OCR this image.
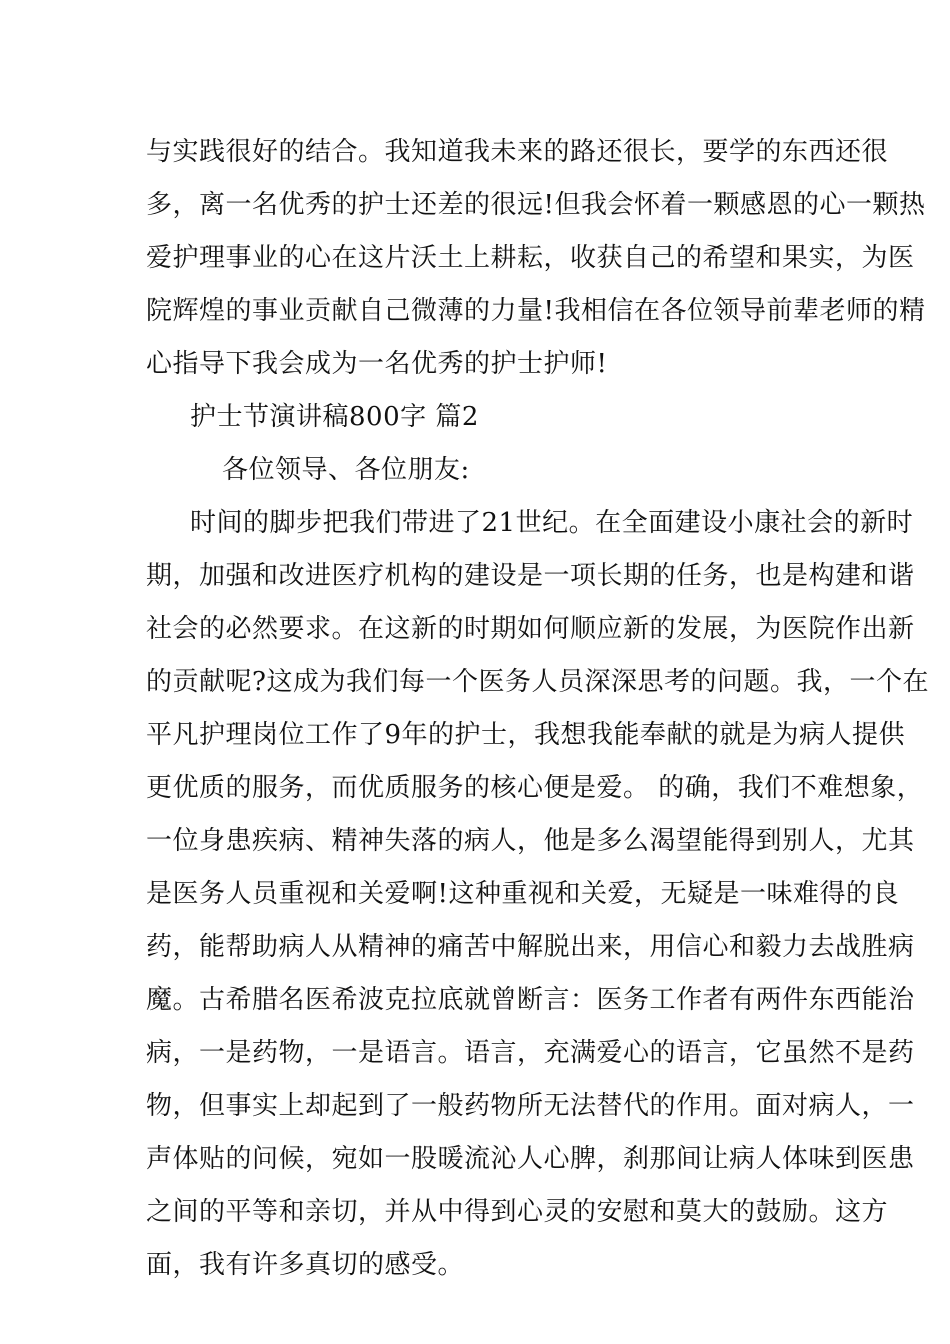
与实践很好的结合。我知道我未来的路还很长，要学的东西还很
多，离一名优秀的护士还差的很远!但我会怀着一颗感恩的心一颗热
爱护理事业的心在这片沃土上耕耘，收获自己的希望和果实，为医
院辉煌的事业贡献自己微薄的力量!我相信在各位领导前辈老师的精
心指导下我会成为一名优秀的护士护师!
护士节演讲稿800字 篇2
各位领导、各位朋友:
时间的脚步把我们带进了21世纪。在全面建设小康社会的新时
期，加强和改进医疗机构的建设是一项长期的任务，也是构建和谐
社会的必然要求。在这新的时期如何顺应新的发展，为医院作出新
的贡献呢?这成为我们每一个医务人员深深思考的问题。我，一个在
平凡护理岗位工作了9年的护士，我想我能奉献的就是为病人提供
更优质的服务，而优质服务的核心便是爱。 的确，我们不难想象，
一位身患疾病、精神失落的病人，他是多么渴望能得到别人，尤其
是医务人员重视和关爱啊!这种重视和关爱，无疑是一味难得的良
药，能帮助病人从精神的痛苦中解脱出来，用信心和毅力去战胜病
魔。古希腊名医希波克拉底就曾断言：医务工作者有两件东西能治
病，一是药物，一是语言。语言，充满爱心的语言，它虽然不是药
物，但事实上却起到了一般药物所无法替代的作用。面对病人，一
声体贴的问候，宛如一股暖流沁人心脾，刹那间让病人体味到医患
之间的平等和亲切，并从中得到心灵的安慰和莫大的鼓励。这方
面，我有许多真切的感受。
